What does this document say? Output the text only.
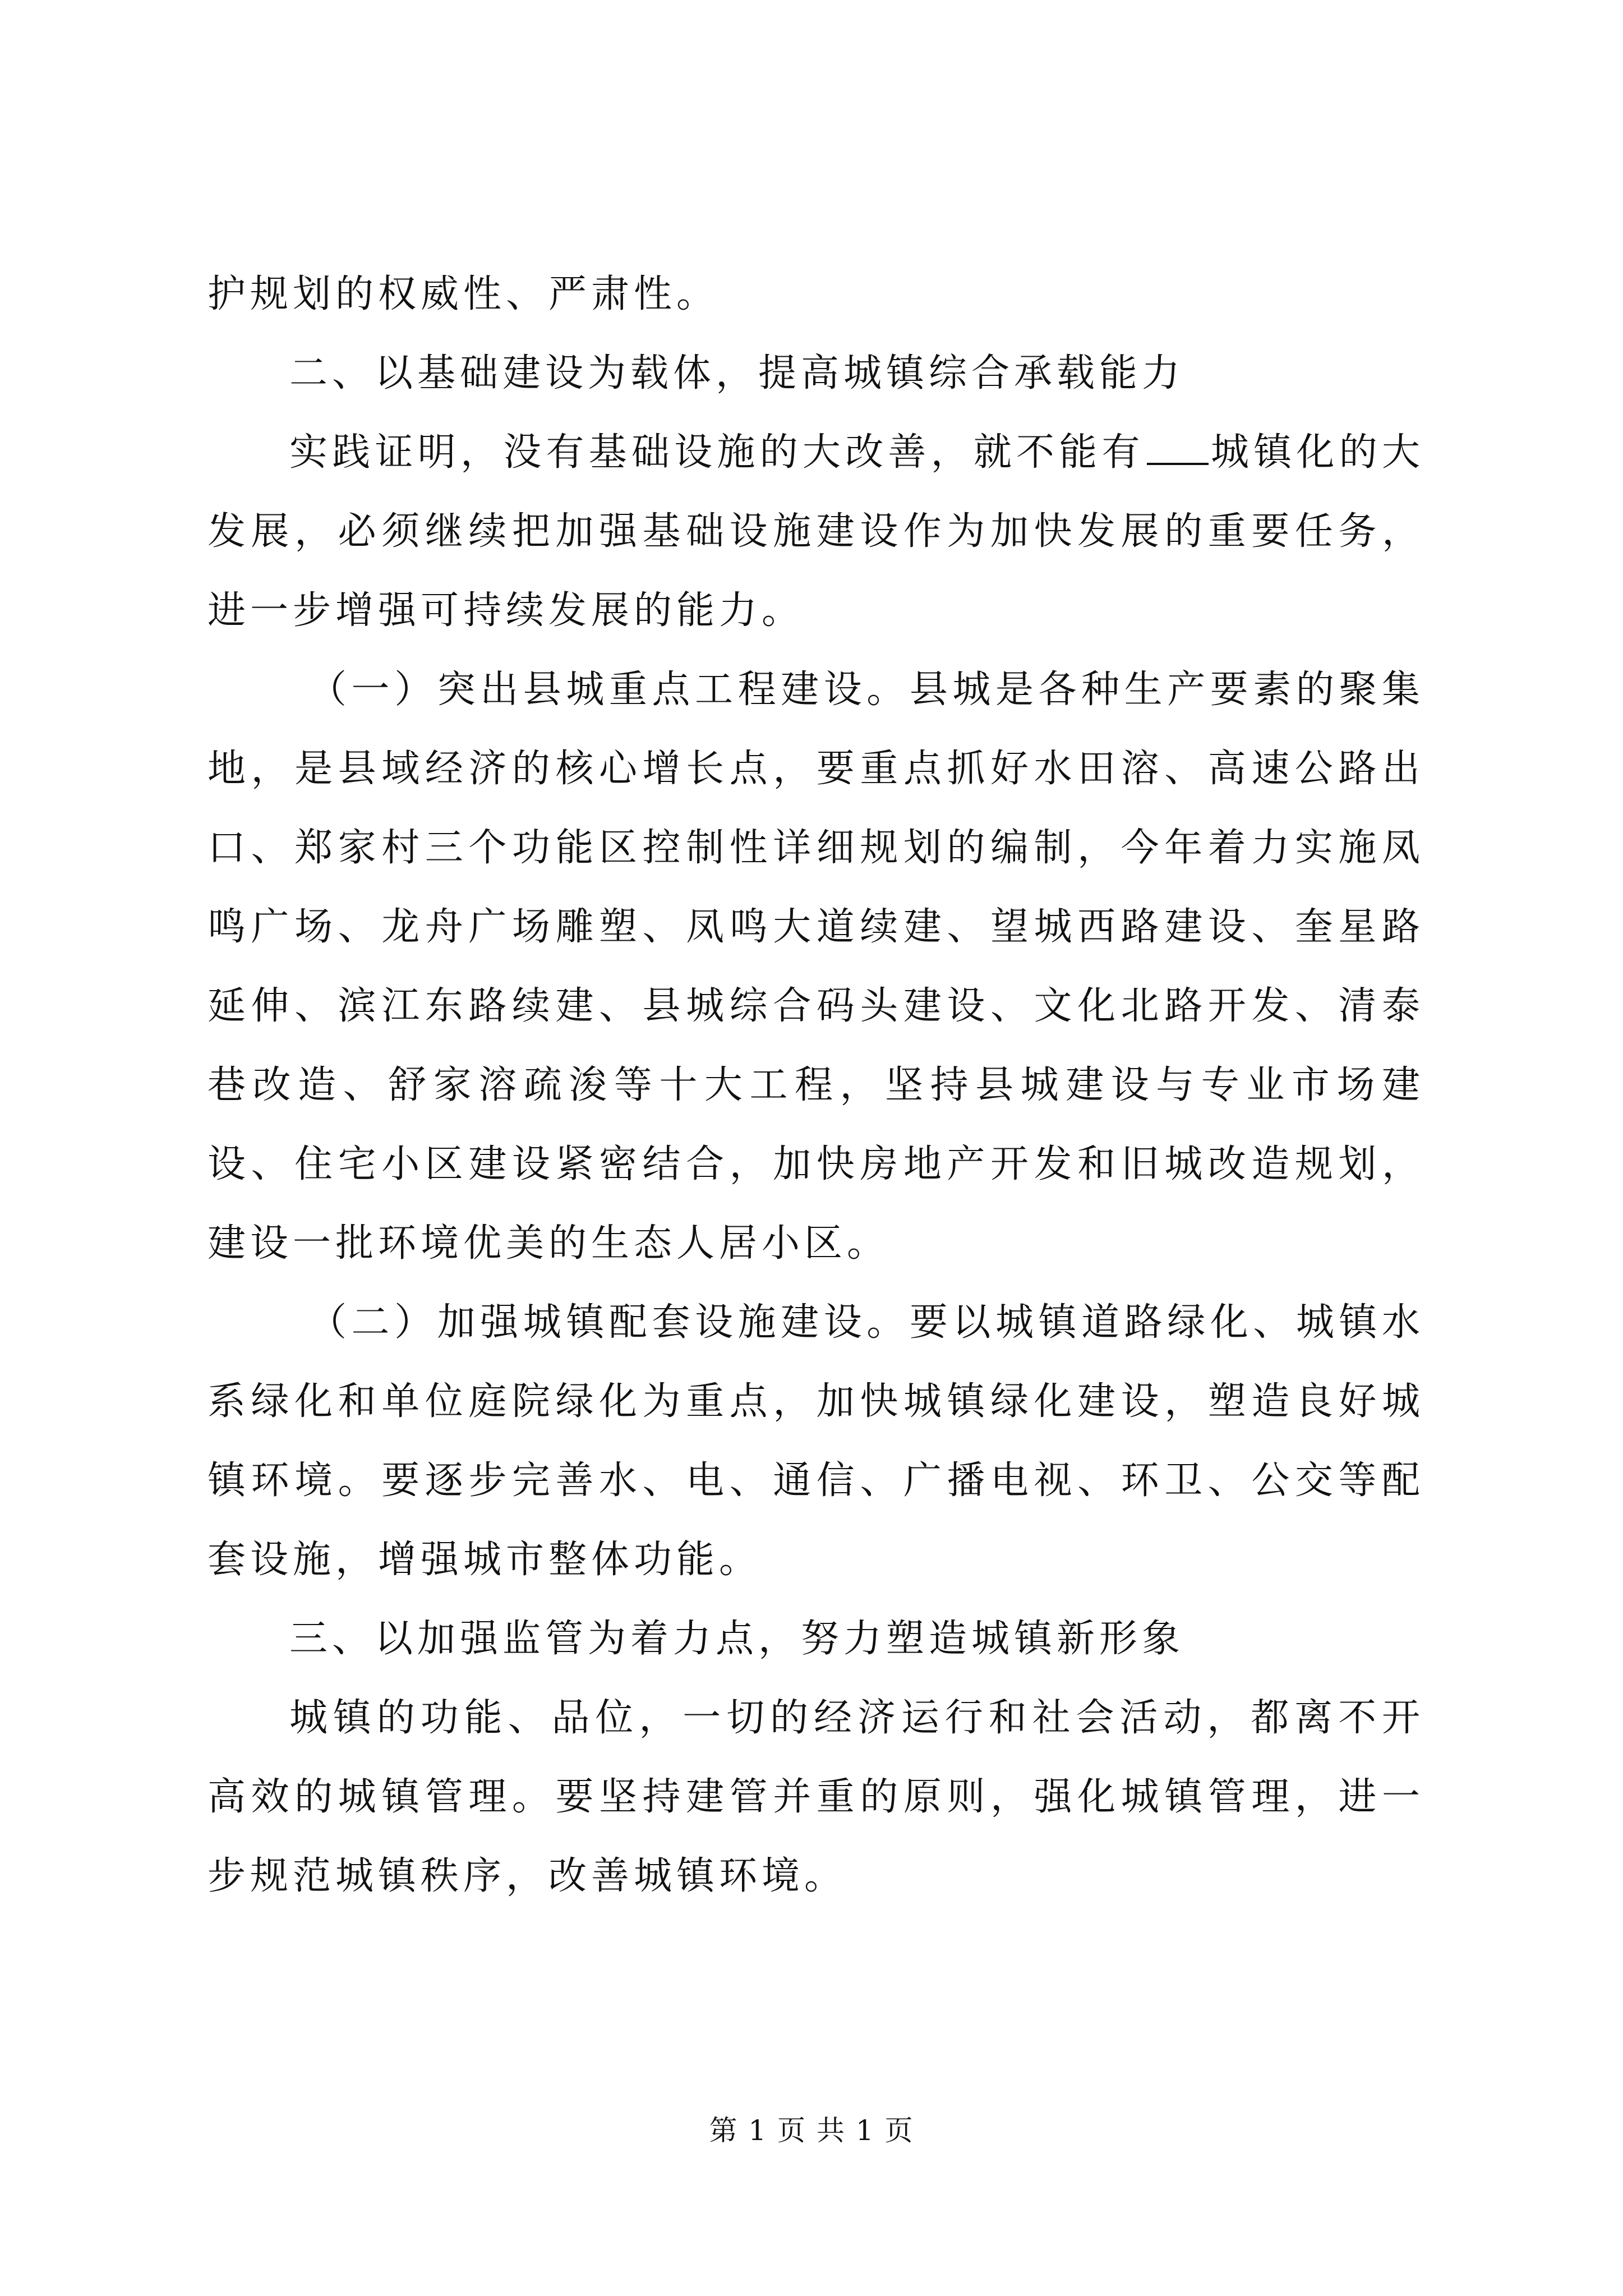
护规划的权威性、严肃性。

二、以基础建设为载体，提高城镇综合承载能力

实践证明，没有基础设施的大改善，就不能有 城镇化的大发展，必须继续把加强基础设施建设作为加快发展的重要任务，进一步增强可持续发展的能力。

（一）突出县城重点工程建设。县城是各种生产要素的聚集地，是县域经济的核心增长点，要重点抓好水田溶、高速公路出口、郑家村三个功能区控制性详细规划的编制，今年着力实施凤鸣广场、龙舟广场雕塑、凤鸣大道续建、望城西路建设、奎星路延伸、滨江东路续建、县城综合码头建设、文化北路开发、清泰巷改造、舒家溶疏浚等十大工程，坚持县城建设与专业市场建设、住宅小区建设紧密结合，加快房地产开发和旧城改造规划，建设一批环境优美的生态人居小区。

（二）加强城镇配套设施建设。要以城镇道路绿化、城镇水系绿化和单位庭院绿化为重点，加快城镇绿化建设，塑造良好城镇环境。要逐步完善水、电、通信、广播电视、环卫、公交等配套设施，增强城市整体功能。

三、以加强监管为着力点，努力塑造城镇新形象

城镇的功能、品位，一切的经济运行和社会活动，都离不开高效的城镇管理。要坚持建管并重的原则，强化城镇管理，进一步规范城镇秩序，改善城镇环境。

第 1 页 共 1 页
